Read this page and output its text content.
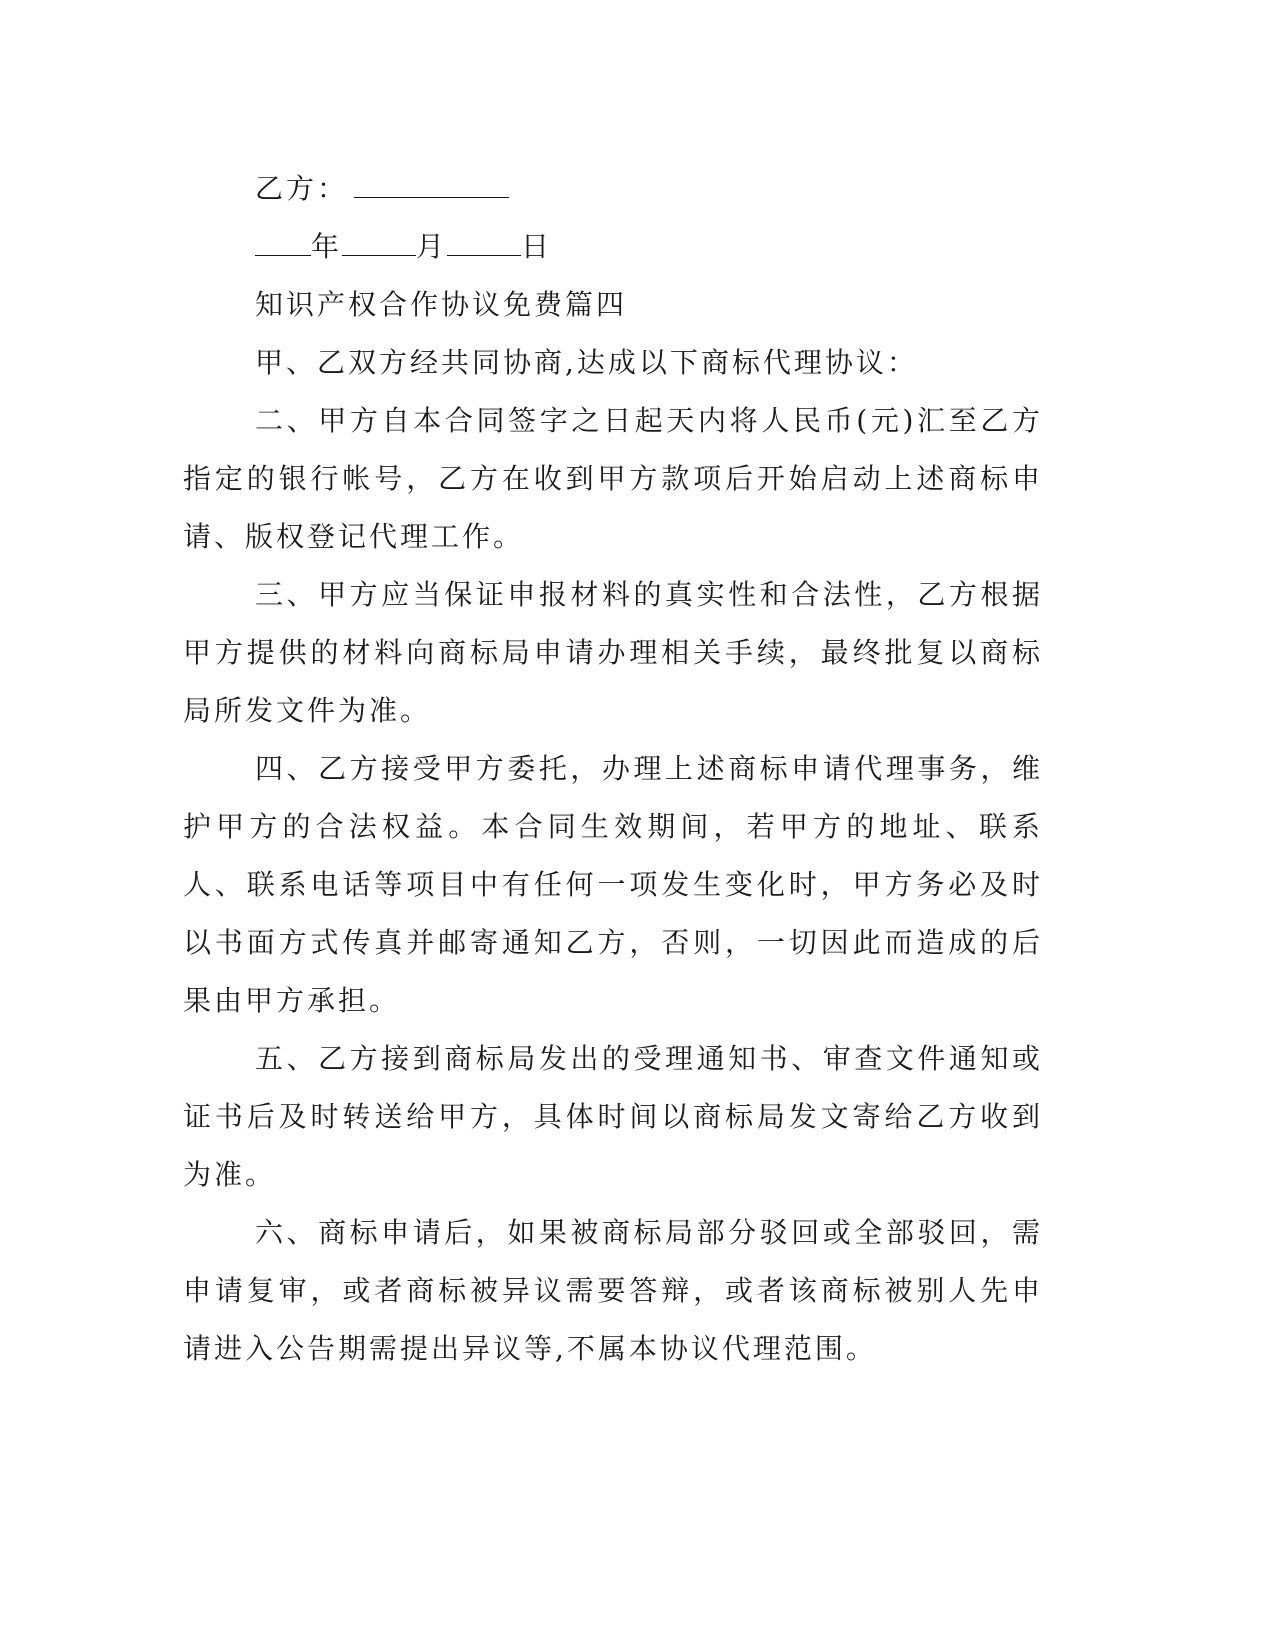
乙方：
年	月	日
知识产权合作协议免费篇四
甲、乙双方经共同协商,达成以下商标代理协议：

二、甲方自本合同签字之日起天内将人民币(元)汇至乙方指定的银行帐号，乙方在收到甲方款项后开始启动上述商标申请、版权登记代理工作。

三、甲方应当保证申报材料的真实性和合法性，乙方根据甲方提供的材料向商标局申请办理相关手续，最终批复以商标局所发文件为准。

四、乙方接受甲方委托，办理上述商标申请代理事务，维护甲方的合法权益。本合同生效期间，若甲方的地址、联系人、联系电话等项目中有任何一项发生变化时，甲方务必及时以书面方式传真并邮寄通知乙方，否则，一切因此而造成的后果由甲方承担。

五、乙方接到商标局发出的受理通知书、审查文件通知或证书后及时转送给甲方，具体时间以商标局发文寄给乙方收到为准。

六、商标申请后，如果被商标局部分驳回或全部驳回，需申请复审，或者商标被异议需要答辩，或者该商标被别人先申请进入公告期需提出异议等,不属本协议代理范围。
